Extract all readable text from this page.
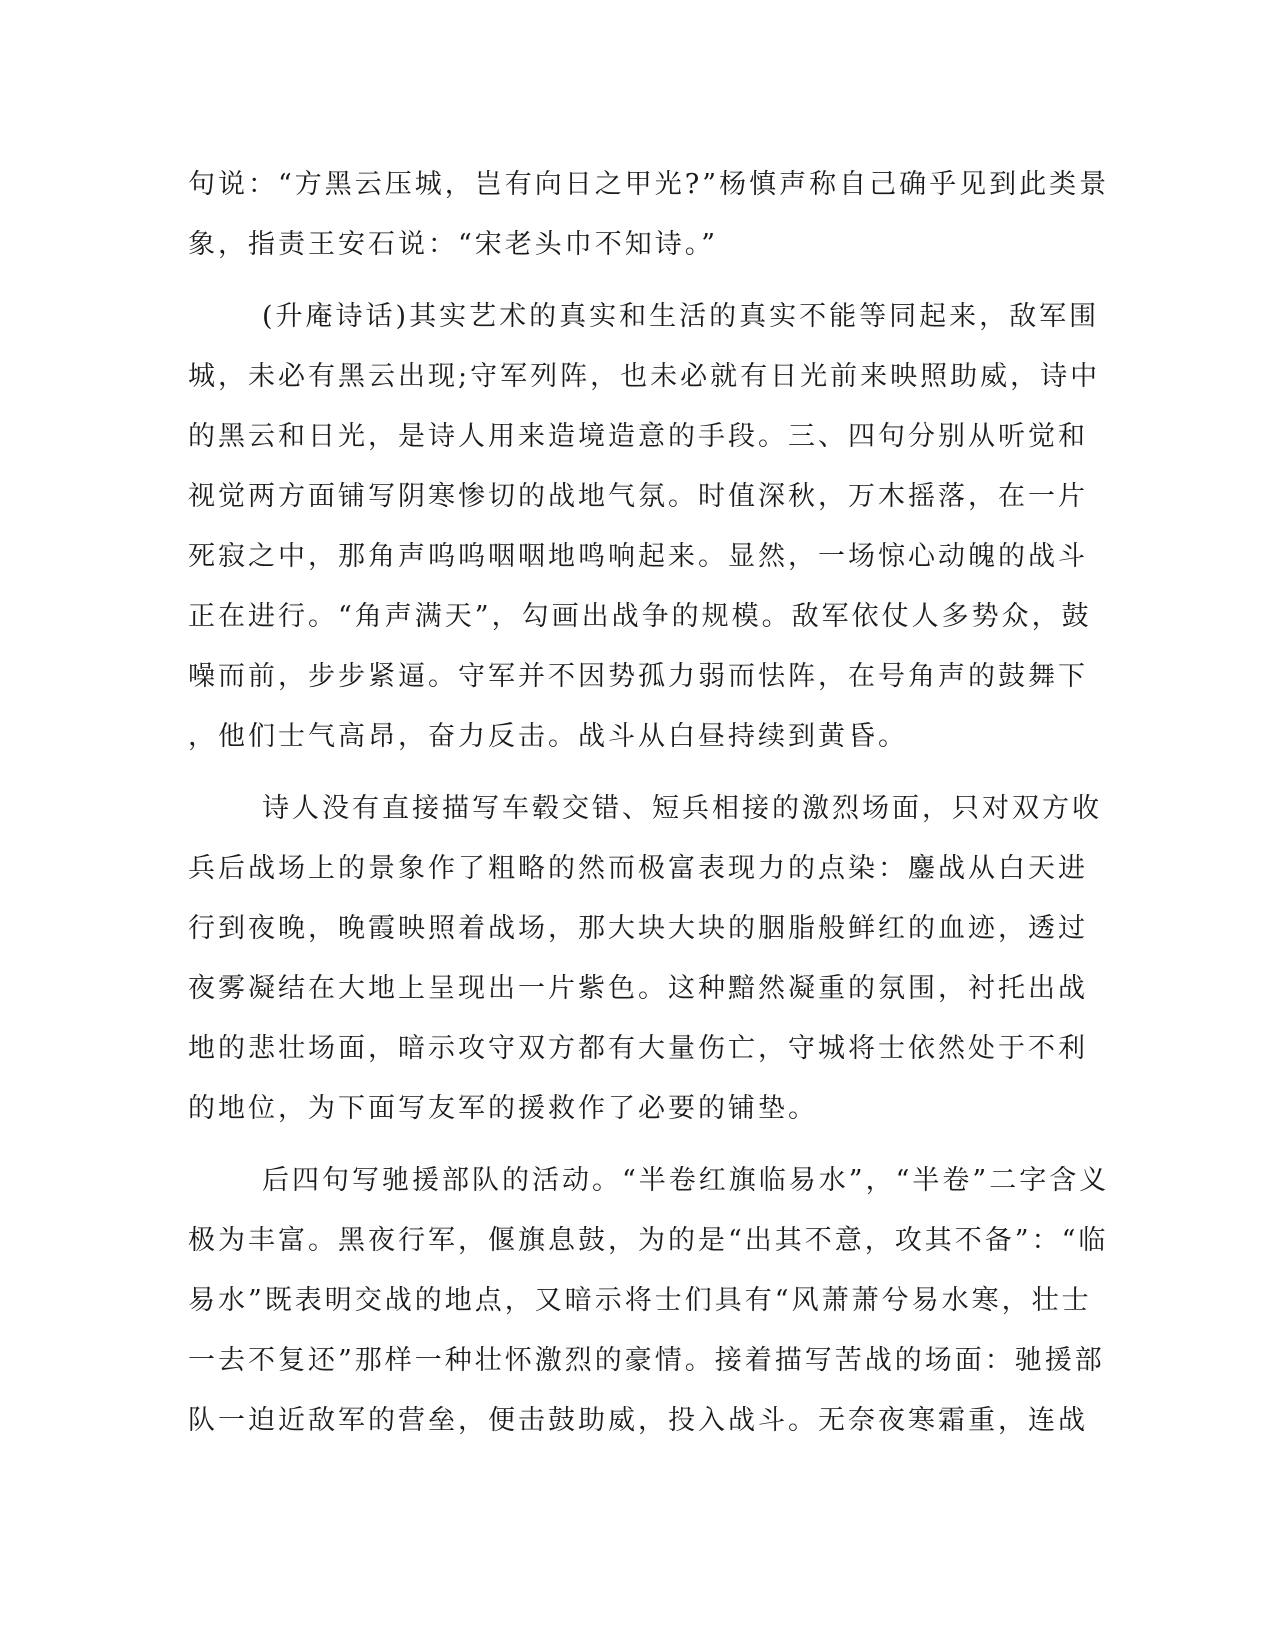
句说：“方黑云压城，岂有向日之甲光?”杨慎声称自己确乎见到此类景
象，指责王安石说：“宋老头巾不知诗。”
(升庵诗话)其实艺术的真实和生活的真实不能等同起来，敌军围
城，未必有黑云出现;守军列阵，也未必就有日光前来映照助威，诗中
的黑云和日光，是诗人用来造境造意的手段。三、四句分别从听觉和
视觉两方面铺写阴寒惨切的战地气氛。时值深秋，万木摇落，在一片
死寂之中，那角声呜呜咽咽地鸣响起来。显然，一场惊心动魄的战斗
正在进行。“角声满天”，勾画出战争的规模。敌军依仗人多势众，鼓
噪而前，步步紧逼。守军并不因势孤力弱而怯阵，在号角声的鼓舞下
，他们士气高昂，奋力反击。战斗从白昼持续到黄昏。
诗人没有直接描写车毂交错、短兵相接的激烈场面，只对双方收
兵后战场上的景象作了粗略的然而极富表现力的点染：鏖战从白天进
行到夜晚，晚霞映照着战场，那大块大块的胭脂般鲜红的血迹，透过
夜雾凝结在大地上呈现出一片紫色。这种黯然凝重的氛围，衬托出战
地的悲壮场面，暗示攻守双方都有大量伤亡，守城将士依然处于不利
的地位，为下面写友军的援救作了必要的铺垫。
后四句写驰援部队的活动。“半卷红旗临易水”，“半卷”二字含义
极为丰富。黑夜行军，偃旗息鼓，为的是“出其不意，攻其不备”：“临
易水”既表明交战的地点，又暗示将士们具有“风萧萧兮易水寒，壮士
一去不复还”那样一种壮怀激烈的豪情。接着描写苦战的场面：驰援部
队一迫近敌军的营垒，便击鼓助威，投入战斗。无奈夜寒霜重，连战
